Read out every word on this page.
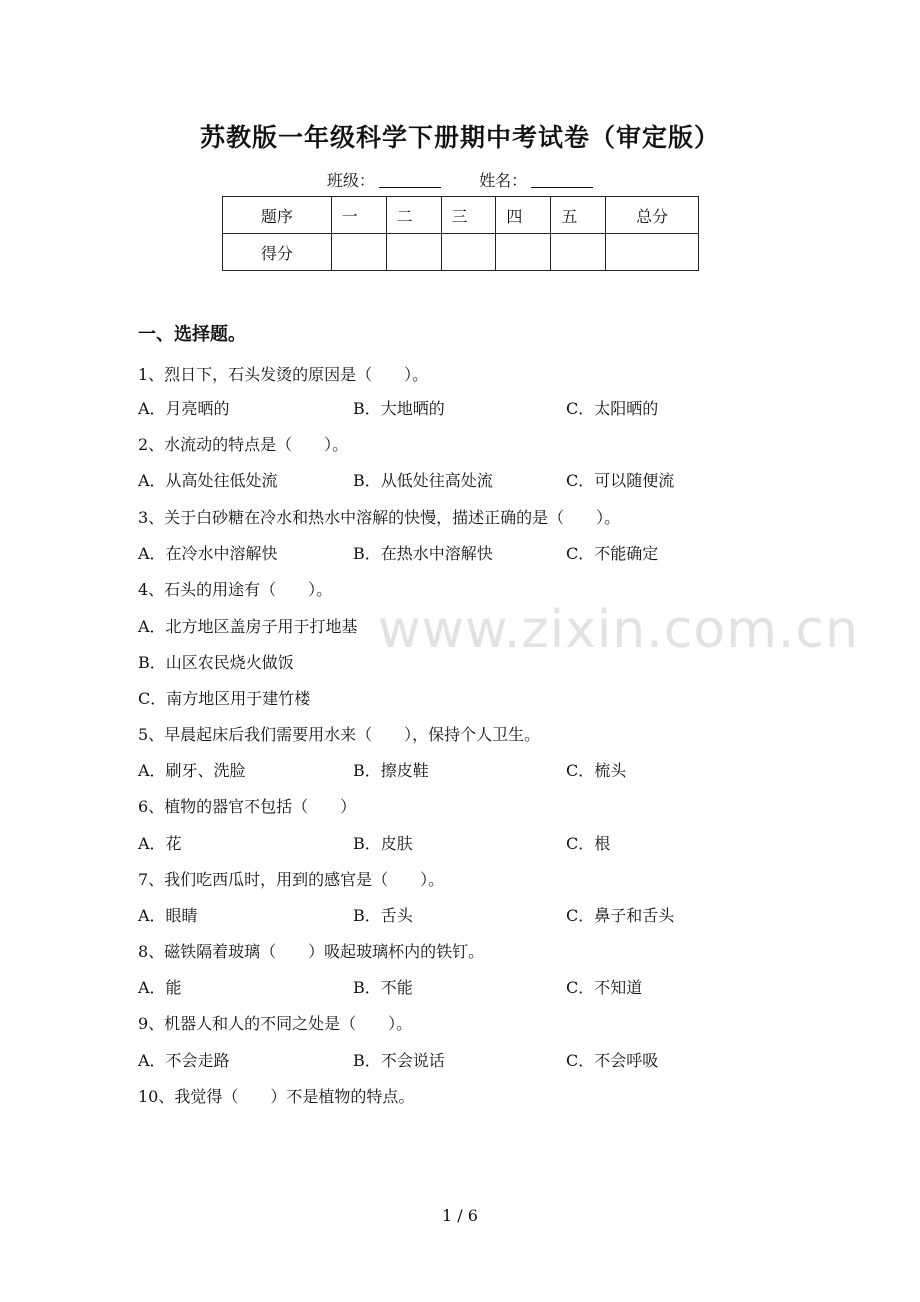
苏教版一年级科学下册期中考试卷（审定版）
班级：	姓名：
题序	一	二	三	四	五	总分
得分						
一、选择题。
1、烈日下，石头发烫的原因是（　　）。
A．月亮晒的	B．大地晒的	C．太阳晒的
2、水流动的特点是（　　）。
A．从高处往低处流	B．从低处往高处流	C．可以随便流
3、关于白砂糖在冷水和热水中溶解的快慢，描述正确的是（　　）。
A．在冷水中溶解快	B．在热水中溶解快	C．不能确定
4、石头的用途有（　　）。
A．北方地区盖房子用于打地基
B．山区农民烧火做饭
C．南方地区用于建竹楼
5、早晨起床后我们需要用水来（　　），保持个人卫生。
A．刷牙、洗脸	B．擦皮鞋	C．梳头
6、植物的器官不包括（　　）
A．花	B．皮肤	C．根
7、我们吃西瓜时，用到的感官是（　　）。
A．眼睛	B．舌头	C．鼻子和舌头
8、磁铁隔着玻璃（　　）吸起玻璃杯内的铁钉。
A．能	B．不能	C．不知道
9、机器人和人的不同之处是（　　）。
A．不会走路	B．不会说话	C．不会呼吸
10、我觉得（　　）不是植物的特点。
www.zixin.com.cn
1 / 6
